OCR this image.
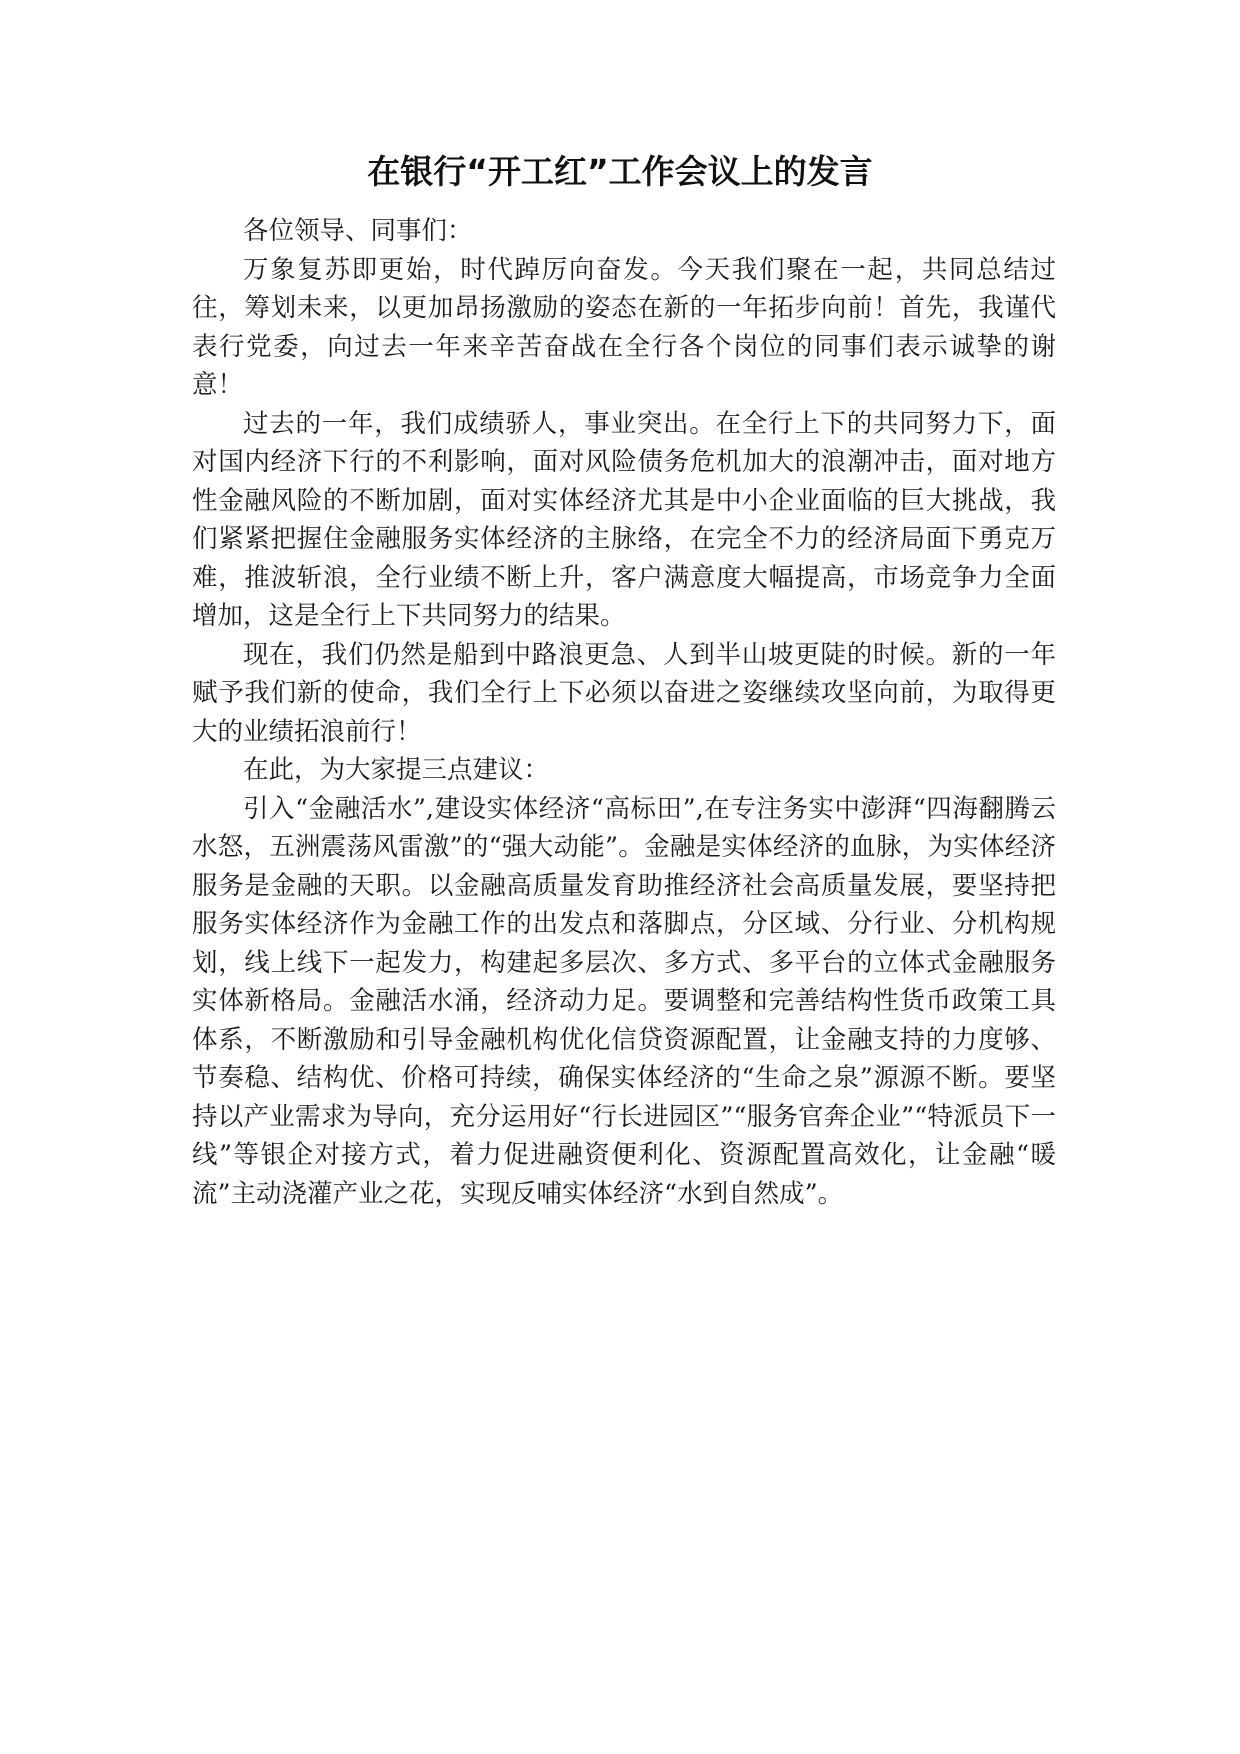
在银行“开工红”工作会议上的发言

各位领导、同事们：

万象复苏即更始，时代踔厉向奋发。今天我们聚在一起，共同总结过往，筹划未来，以更加昂扬激励的姿态在新的一年拓步向前！首先，我谨代表行党委，向过去一年来辛苦奋战在全行各个岗位的同事们表示诚挚的谢意！

过去的一年，我们成绩骄人，事业突出。在全行上下的共同努力下，面对国内经济下行的不利影响，面对风险债务危机加大的浪潮冲击，面对地方性金融风险的不断加剧，面对实体经济尤其是中小企业面临的巨大挑战，我们紧紧把握住金融服务实体经济的主脉络，在完全不力的经济局面下勇克万难，推波斩浪，全行业绩不断上升，客户满意度大幅提高，市场竞争力全面增加，这是全行上下共同努力的结果。

现在，我们仍然是船到中路浪更急、人到半山坡更陡的时候。新的一年赋予我们新的使命，我们全行上下必须以奋进之姿继续攻坚向前，为取得更大的业绩拓浪前行！

在此，为大家提三点建议：

引入“金融活水”,建设实体经济“高标田”,在专注务实中澎湃“四海翻腾云水怒，五洲震荡风雷激”的“强大动能”。金融是实体经济的血脉，为实体经济服务是金融的天职。以金融高质量发育助推经济社会高质量发展，要坚持把服务实体经济作为金融工作的出发点和落脚点，分区域、分行业、分机构规划，线上线下一起发力，构建起多层次、多方式、多平台的立体式金融服务实体新格局。金融活水涌，经济动力足。要调整和完善结构性货币政策工具体系，不断激励和引导金融机构优化信贷资源配置，让金融支持的力度够、节奏稳、结构优、价格可持续，确保实体经济的“生命之泉”源源不断。要坚持以产业需求为导向，充分运用好“行长进园区”“服务官奔企业”“特派员下一线”等银企对接方式，着力促进融资便利化、资源配置高效化，让金融“暖流”主动浇灌产业之花，实现反哺实体经济“水到自然成”。
